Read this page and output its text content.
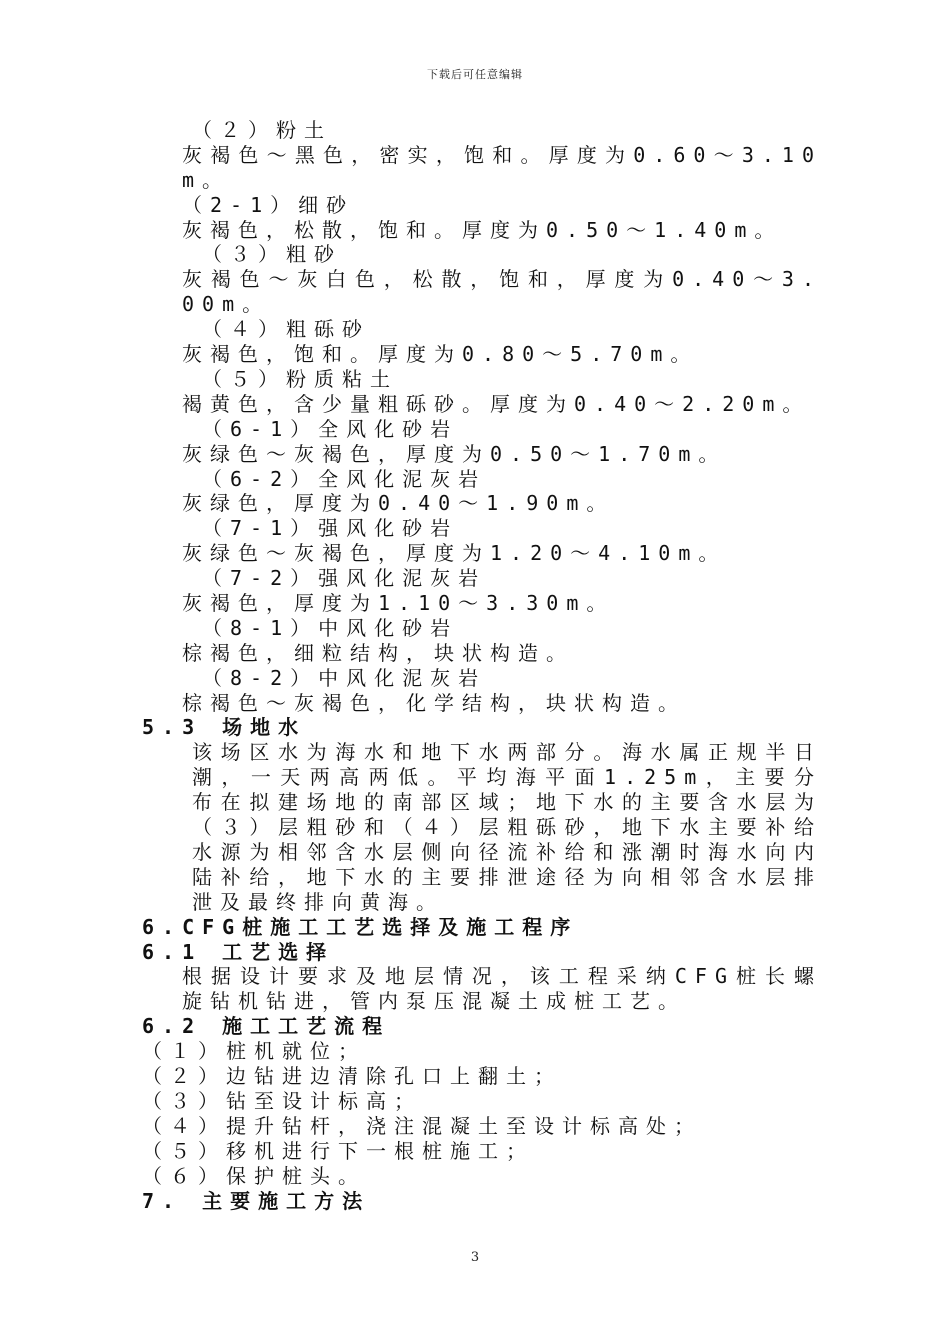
下载后可任意编辑
（２）粉土
灰褐色～黑色，密实，饱和。厚度为0.60～3.10m。
（2-1）细砂
灰褐色，松散，饱和。厚度为0.50～1.40m。
（３）粗砂
灰褐色～灰白色，松散，饱和，厚度为0.40～3.00m。
（４）粗砾砂
灰褐色，饱和。厚度为0.80～5.70m。
（５）粉质粘土
褐黄色，含少量粗砾砂。厚度为0.40～2.20m。
（6-1）全风化砂岩
灰绿色～灰褐色，厚度为0.50～1.70m。
（6-2）全风化泥灰岩
灰绿色，厚度为0.40～1.90m。
（7-1）强风化砂岩
灰绿色～灰褐色，厚度为1.20～4.10m。
（7-2）强风化泥灰岩
灰褐色，厚度为1.10～3.30m。
（8-1）中风化砂岩
棕褐色，细粒结构，块状构造。
（8-2）中风化泥灰岩
棕褐色～灰褐色，化学结构，块状构造。
5.3 场地水
该场区水为海水和地下水两部分。海水属正规半日潮，一天两高两低。平均海平面1.25m，主要分布在拟建场地的南部区域；地下水的主要含水层为（３）层粗砂和（４）层粗砾砂，地下水主要补给水源为相邻含水层侧向径流补给和涨潮时海水向内陆补给，地下水的主要排泄途径为向相邻含水层排泄及最终排向黄海。
6.CFG桩施工工艺选择及施工程序
6.1 工艺选择
根据设计要求及地层情况，该工程采纳CFG桩长螺旋钻机钻进，管内泵压混凝土成桩工艺。
6.2 施工工艺流程
（１）桩机就位；
（２）边钻进边清除孔口上翻土；
（３）钻至设计标高；
（４）提升钻杆，浇注混凝土至设计标高处；
（５）移机进行下一根桩施工；
（６）保护桩头。
7. 主要施工方法
3
